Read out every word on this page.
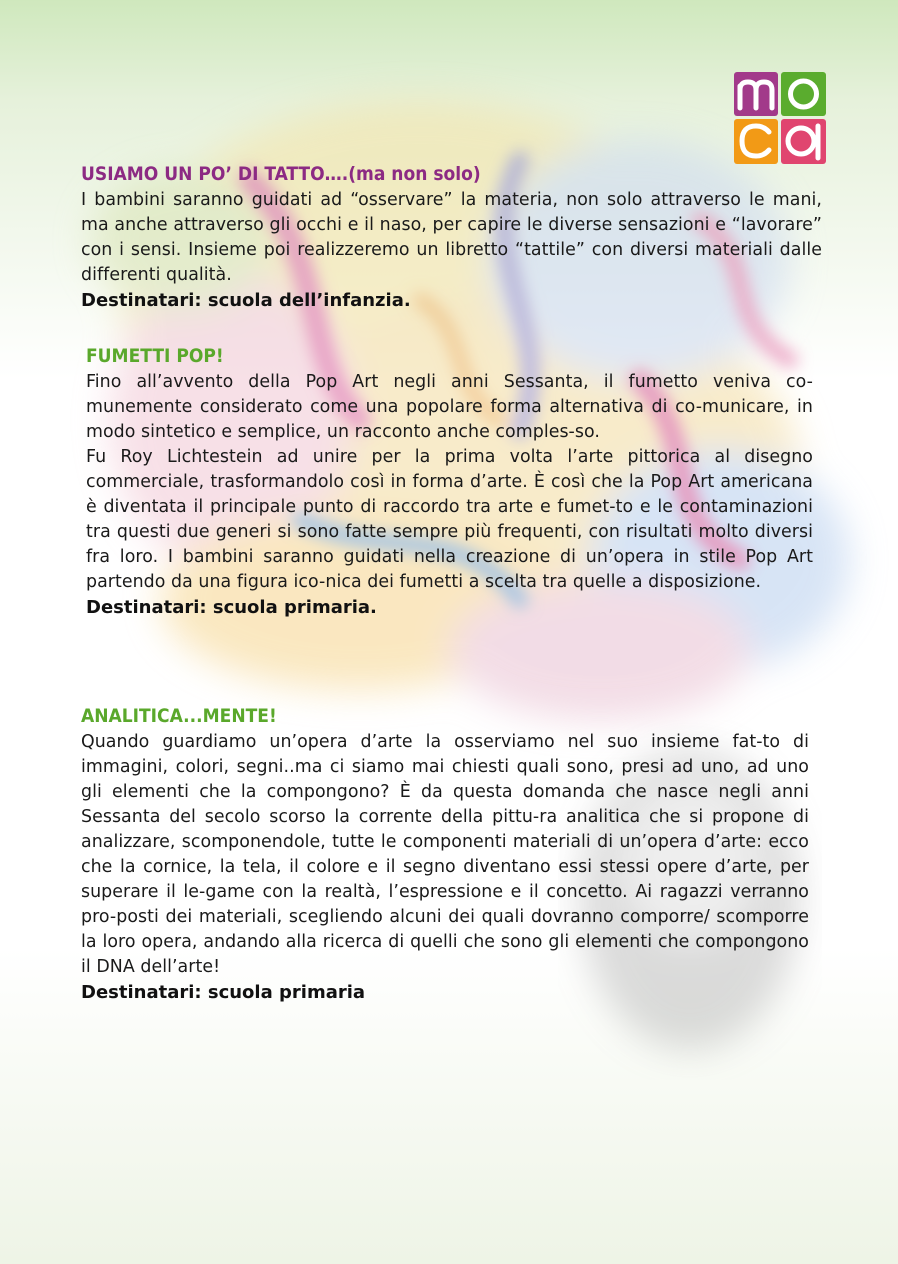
USIAMO UN PO’ DI TATTO….(ma non solo)

I bambini saranno guidati ad “osservare” la materia, non solo attraverso le mani, ma anche attraverso gli occhi e il naso, per capire le diverse sensazioni e “lavorare” con i sensi. Insieme poi realizzeremo un libretto “tattile” con diversi materiali dalle differenti qualità.

Destinatari: scuola dell’infanzia.

FUMETTI POP!

Fino all’avvento della Pop Art negli anni Sessanta, il fumetto veniva co-munemente considerato come una popolare forma alternativa di co-municare, in modo sintetico e semplice, un racconto anche comples-so.

Fu Roy Lichtestein ad unire per la prima volta l’arte pittorica al disegno commerciale, trasformandolo così in forma d’arte. È così che la Pop Art americana è diventata il principale punto di raccordo tra arte e fumet-to e le contaminazioni tra questi due generi si sono fatte sempre più frequenti, con risultati molto diversi fra loro. I bambini saranno guidati nella creazione di un’opera in stile Pop Art partendo da una figura ico-nica dei fumetti a scelta tra quelle a disposizione.

Destinatari: scuola primaria.

ANALITICA...MENTE!

Quando guardiamo un’opera d’arte la osserviamo nel suo insieme fat-to di immagini, colori, segni..ma ci siamo mai chiesti quali sono, presi ad uno, ad uno gli elementi che la compongono? È da questa domanda che nasce negli anni Sessanta del secolo scorso la corrente della pittu-ra analitica che si propone di analizzare, scomponendole, tutte le componenti materiali di un’opera d’arte: ecco che la cornice, la tela, il colore e il segno diventano essi stessi opere d’arte, per superare il le-game con la realtà, l’espressione e il concetto. Ai ragazzi verranno pro-posti dei materiali, scegliendo alcuni dei quali dovranno comporre/ scomporre la loro opera, andando alla ricerca di quelli che sono gli elementi che compongono il DNA dell’arte!

Destinatari: scuola primaria
